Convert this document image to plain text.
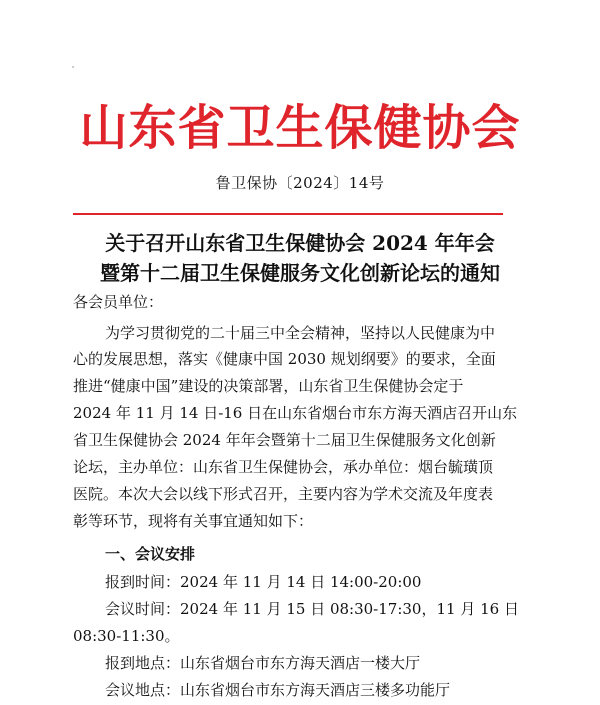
山东省卫生保健协会
鲁卫保协〔2024〕14号
关于召开山东省卫生保健协会 2024 年年会
暨第十二届卫生保健服务文化创新论坛的通知
各会员单位：
为学习贯彻党的二十届三中全会精神，坚持以人民健康为中
心的发展思想，落实《健康中国 2030 规划纲要》的要求，全面
推进“健康中国”建设的决策部署，山东省卫生保健协会定于
2024 年 11 月 14 日-16 日在山东省烟台市东方海天酒店召开山东
省卫生保健协会 2024 年年会暨第十二届卫生保健服务文化创新
论坛，主办单位：山东省卫生保健协会，承办单位：烟台毓璜顶
医院。本次大会以线下形式召开，主要内容为学术交流及年度表
彰等环节，现将有关事宜通知如下：
一、会议安排
报到时间：2024 年 11 月 14 日 14:00-20:00
会议时间：2024 年 11 月 15 日 08:30-17:30，11 月 16 日
08:30-11:30。
报到地点：山东省烟台市东方海天酒店一楼大厅
会议地点：山东省烟台市东方海天酒店三楼多功能厅
